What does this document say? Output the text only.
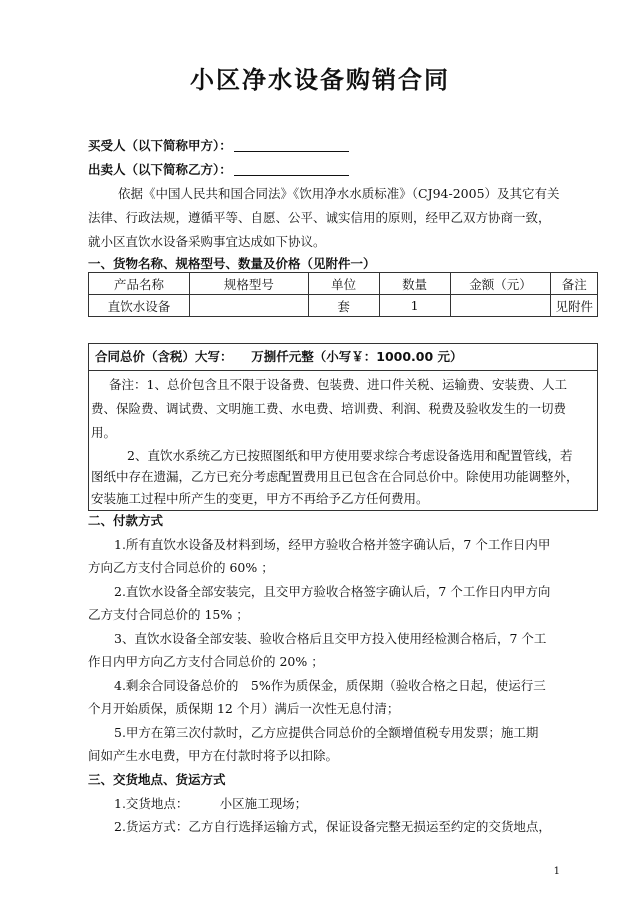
小区净水设备购销合同
买受人（以下简称甲方）：
出卖人（以下简称乙方）：
依据《中国人民共和国合同法》《饮用净水水质标准》（CJ94-2005）及其它有关
法律、行政法规，遵循平等、自愿、公平、诚实信用的原则，经甲乙双方协商一致，
就小区直饮水设备采购事宜达成如下协议。
一、货物名称、规格型号、数量及价格（见附件一）
产品名称	规格型号	单位	数量	金额（元）	备注
直饮水设备		套	1		见附件
合同总价（含税）大写：　　万捌仟元整（小写￥：1000.00 元）
备注：1、总价包含且不限于设备费、包装费、进口件关税、运输费、安装费、人工
费、保险费、调试费、文明施工费、水电费、培训费、利润、税费及验收发生的一切费
用。
2、直饮水系统乙方已按照图纸和甲方使用要求综合考虑设备选用和配置管线，若
图纸中存在遗漏，乙方已充分考虑配置费用且已包含在合同总价中。除使用功能调整外，
安装施工过程中所产生的变更，甲方不再给予乙方任何费用。
二、付款方式
1.所有直饮水设备及材料到场，经甲方验收合格并签字确认后，7 个工作日内甲
方向乙方支付合同总价的 60% ；
2.直饮水设备全部安装完，且交甲方验收合格签字确认后，7 个工作日内甲方向
乙方支付合同总价的 15% ；
3、直饮水设备全部安装、验收合格后且交甲方投入使用经检测合格后，7 个工
作日内甲方向乙方支付合同总价的 20% ；
4.剩余合同设备总价的　5%作为质保金，质保期（验收合格之日起，使运行三
个月开始质保，质保期 12 个月）满后一次性无息付清；
5.甲方在第三次付款时，乙方应提供合同总价的全额增值税专用发票；施工期
间如产生水电费，甲方在付款时将予以扣除。
三、交货地点、货运方式
1.交货地点：　　　小区施工现场；
2.货运方式：乙方自行选择运输方式，保证设备完整无损运至约定的交货地点，
1
